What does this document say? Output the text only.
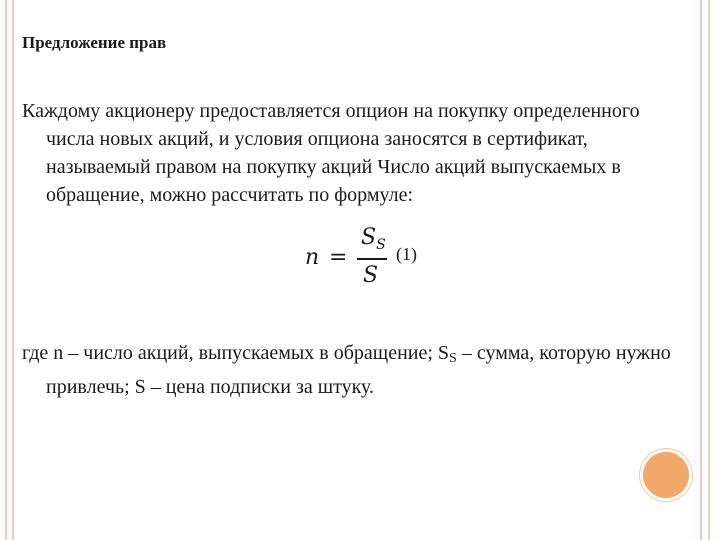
Предложение прав

Каждому акционеру предоставляется опцион на покупку определенного числа новых акций, и условия опциона заносятся в сертификат, называемый правом на покупку акций Число акций выпускаемых в обращение, можно рассчитать по формуле:

n =
$S_S$
S
(1)

где n – число акций, выпускаемых в обращение; $S_S$ – сумма, которую нужно привлечь; S – цена подписки за штуку.
